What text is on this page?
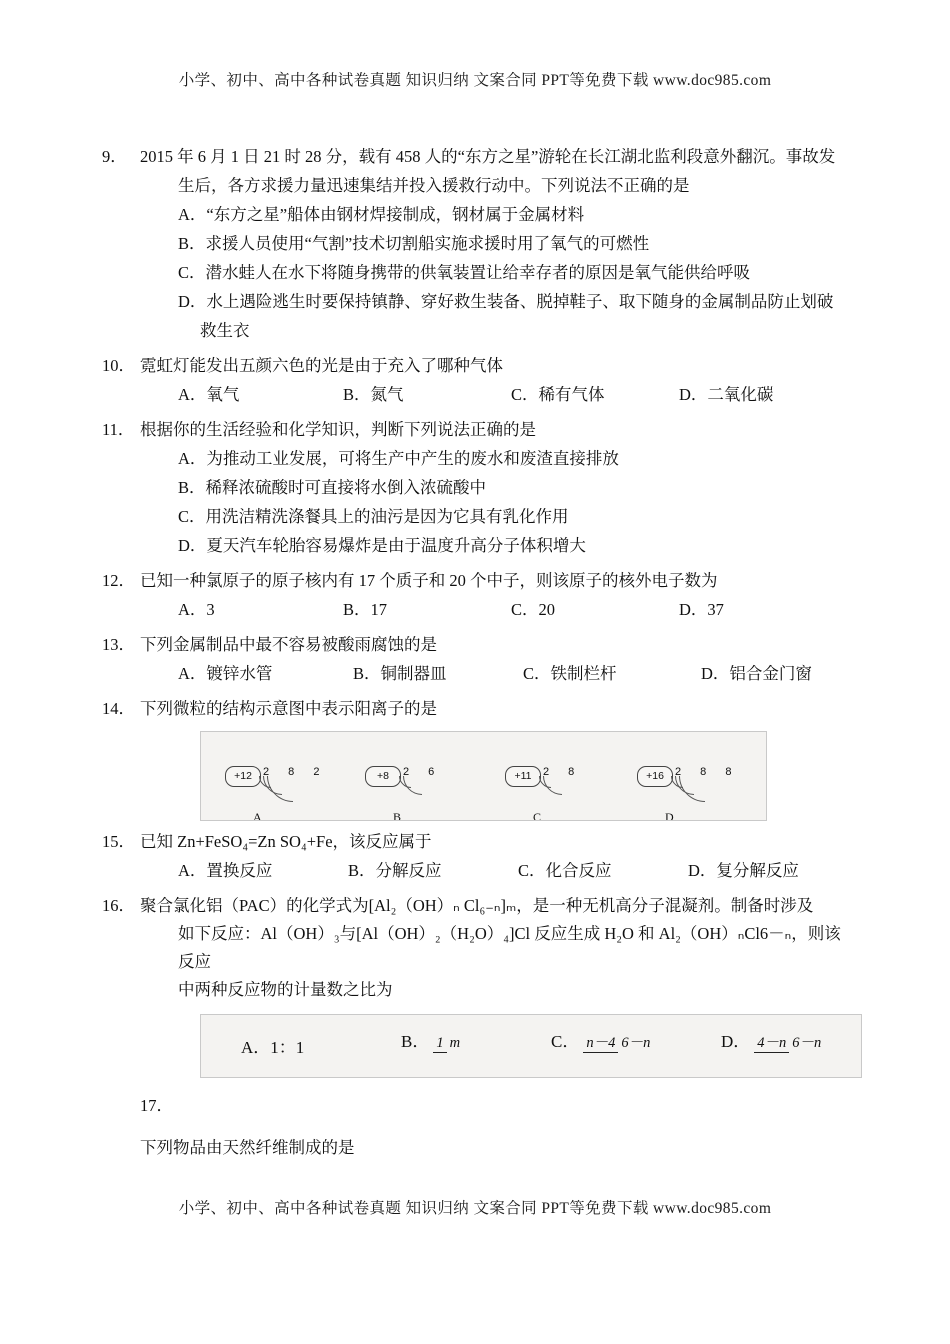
小学、初中、高中各种试卷真题 知识归纳 文案合同 PPT等免费下载 www.doc985.com
9． 2015 年 6 月 1 日 21 时 28 分，载有 458 人的“东方之星”游轮在长江湖北监利段意外翻沉。事故发生后，各方求援力量迅速集结并投入援救行动中。下列说法不正确的是
A．“东方之星”船体由钢材焊接制成，钢材属于金属材料
B．求援人员使用“气割”技术切割船实施求援时用了氧气的可燃性
C．潜水蛙人在水下将随身携带的供氧装置让给幸存者的原因是氧气能供给呼吸
D．水上遇险逃生时要保持镇静、穿好救生装备、脱掉鞋子、取下随身的金属制品防止划破救生衣
10． 霓虹灯能发出五颜六色的光是由于充入了哪种气体
A．氧气	B．氮气	C．稀有气体	D．二氧化碳
11． 根据你的生活经验和化学知识，判断下列说法正确的是
A．为推动工业发展，可将生产中产生的废水和废渣直接排放
B．稀释浓硫酸时可直接将水倒入浓硫酸中
C．用洗洁精洗涤餐具上的油污是因为它具有乳化作用
D．夏天汽车轮胎容易爆炸是由于温度升高分子体积增大
12． 已知一种氯原子的原子核内有 17 个质子和 20 个中子，则该原子的核外电子数为
A．3	B．17	C．20	D．37
13． 下列金属制品中最不容易被酸雨腐蚀的是
A．镀锌水管	B．铜制器皿	C．铁制栏杆	D．铝合金门窗
14． 下列微粒的结构示意图中表示阳离子的是
+12	2 8 2
A
+8	2 6
B
+11	2 8
C
+16	2 8 8
D
15． 已知 Zn+FeSO₄=Zn SO₄+Fe，该反应属于
A．置换反应	B．分解反应	C．化合反应	D．复分解反应
16． 聚合氯化铝（PAC）的化学式为[Al₂（OH）ₙ Cl₆₋ₙ]ₘ，是一种无机高分子混凝剂。制备时涉及
如下反应：Al（OH）₃与[Al（OH）₂（H₂O）₄]Cl 反应生成 H₂O 和 Al₂（OH）ₙCl6－ₙ，则该反应
中两种反应物的计量数之比为
A．1：1	B． 1 m	C． n－4 6－n	D． 4－n 6－n
17．
下列物品由天然纤维制成的是
小学、初中、高中各种试卷真题 知识归纳 文案合同 PPT等免费下载 www.doc985.com
